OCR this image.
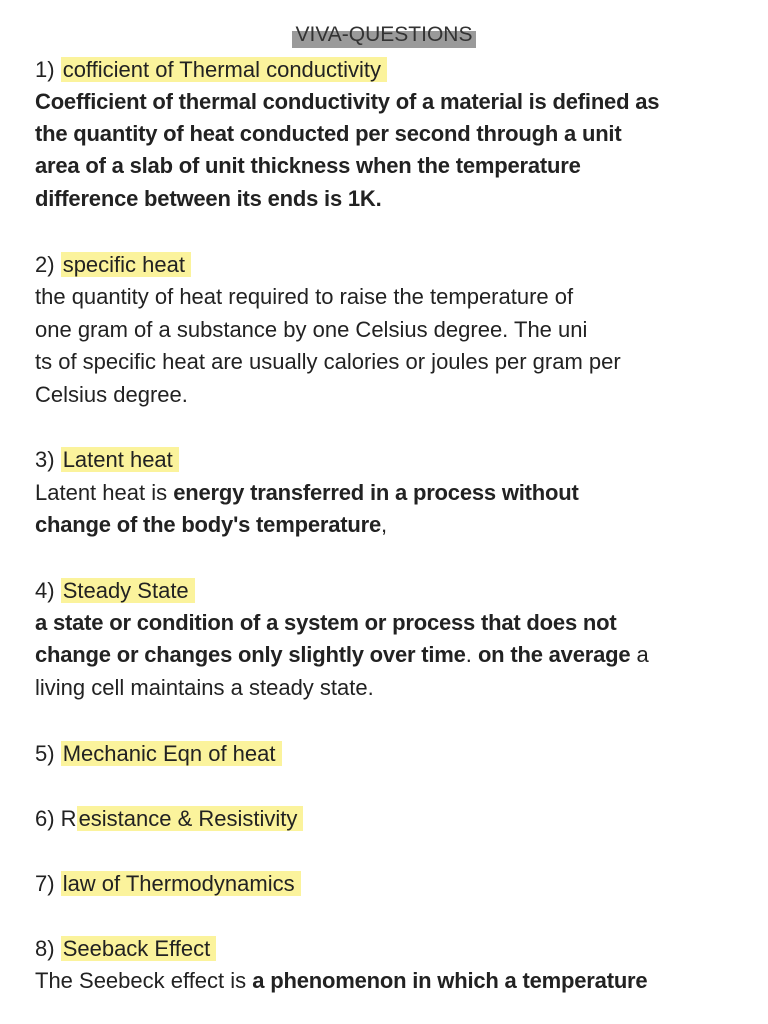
VIVA-QUESTIONS
1) cofficient of Thermal conductivity
Coefficient of thermal conductivity of a material is defined as
the quantity of heat conducted per second through a unit
area of a slab of unit thickness when the temperature
difference between its ends is 1K.
2) specific heat
the quantity of heat required to raise the temperature of
one gram of a substance by one Celsius degree. The uni
ts of specific heat are usually calories or joules per gram per
Celsius degree.
3) Latent heat
Latent heat is energy transferred in a process without
change of the body's temperature,
4) Steady State
a state or condition of a system or process that does not
change or changes only slightly over time. on the average a
living cell maintains a steady state.
5) Mechanic Eqn of heat
6) Resistance & Resistivity
7) law of Thermodynamics
8) Seeback Effect
The Seebeck effect is a phenomenon in which a temperature
